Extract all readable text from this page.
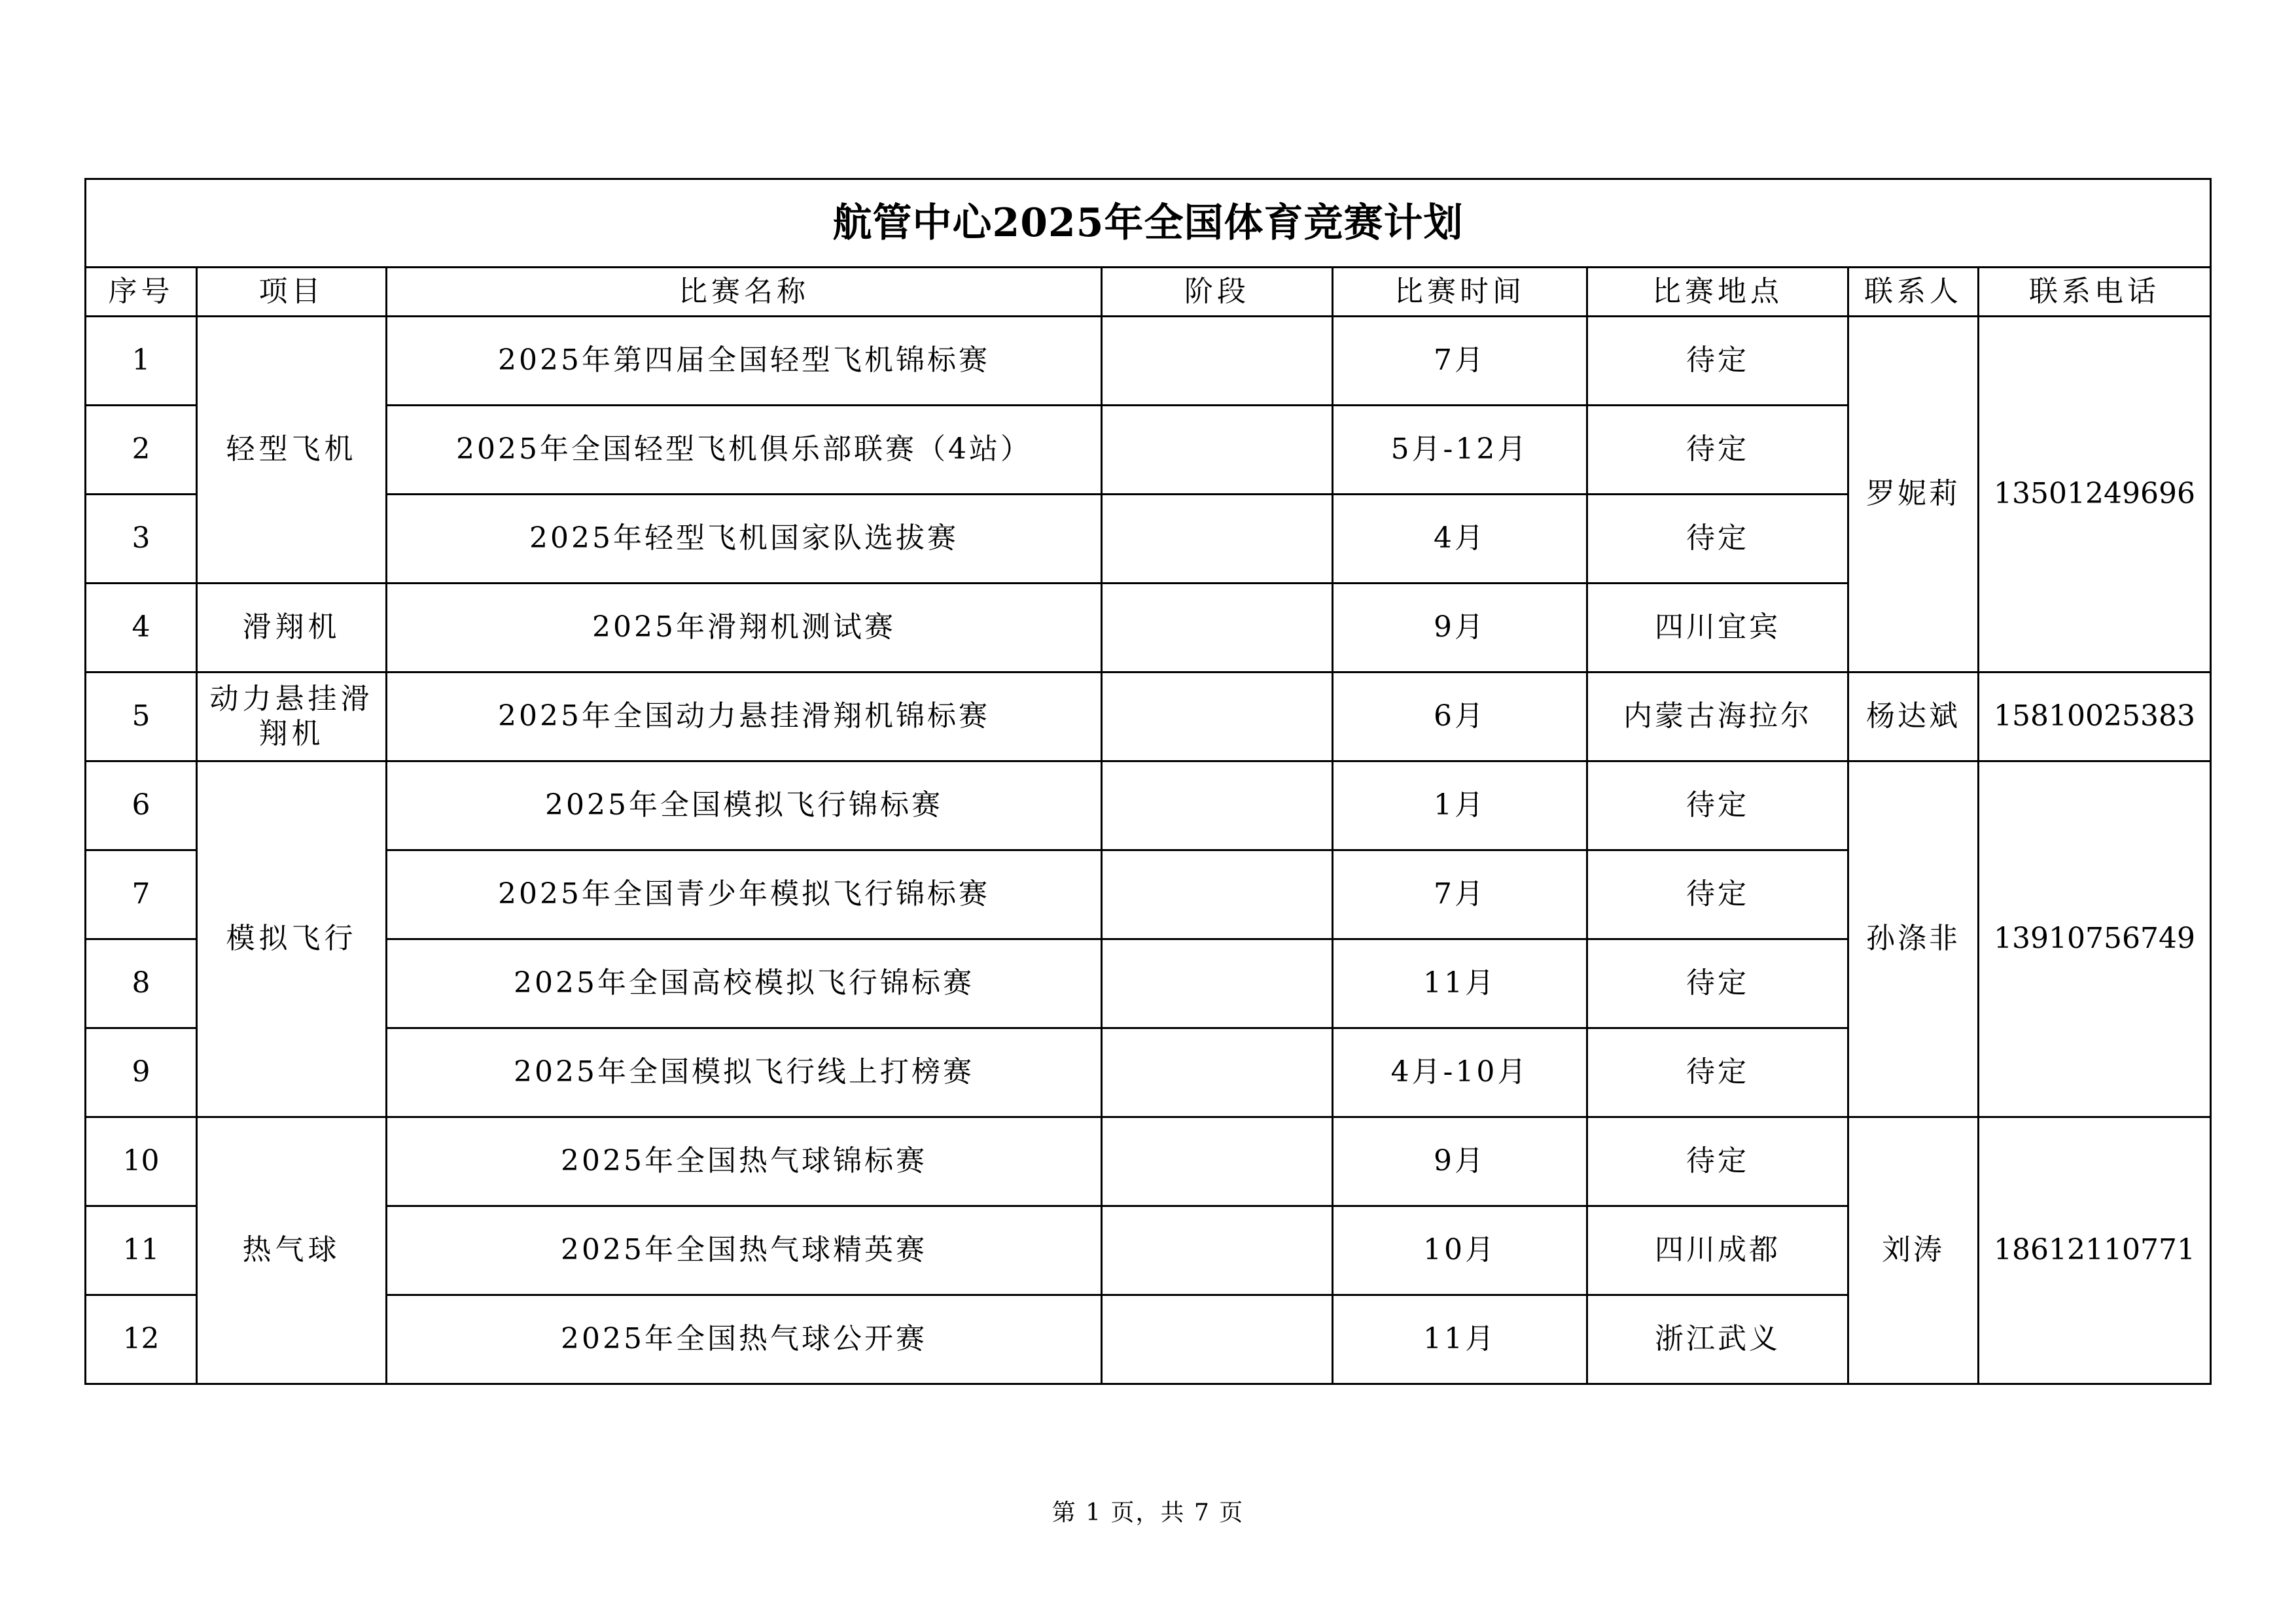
航管中心2025年全国体育竞赛计划							
序号	项目	比赛名称	阶段	比赛时间	比赛地点	联系人	联系电话
1	轻型飞机	2025年第四届全国轻型飞机锦标赛		7月	待定	罗妮莉	13501249696
2		2025年全国轻型飞机俱乐部联赛（4站）		5月-12月	待定		
3		2025年轻型飞机国家队选拔赛		4月	待定		
4	滑翔机	2025年滑翔机测试赛		9月	四川宜宾		
5	动力悬挂滑翔机	2025年全国动力悬挂滑翔机锦标赛		6月	内蒙古海拉尔	杨达斌	15810025383
6	模拟飞行	2025年全国模拟飞行锦标赛		1月	待定	孙涤非	13910756749
7		2025年全国青少年模拟飞行锦标赛		7月	待定		
8		2025年全国高校模拟飞行锦标赛		11月	待定		
9		2025年全国模拟飞行线上打榜赛		4月-10月	待定		
10	热气球	2025年全国热气球锦标赛		9月	待定	刘涛	18612110771
11		2025年全国热气球精英赛		10月	四川成都		
12		2025年全国热气球公开赛		11月	浙江武义		
第 1 页，共 7 页
